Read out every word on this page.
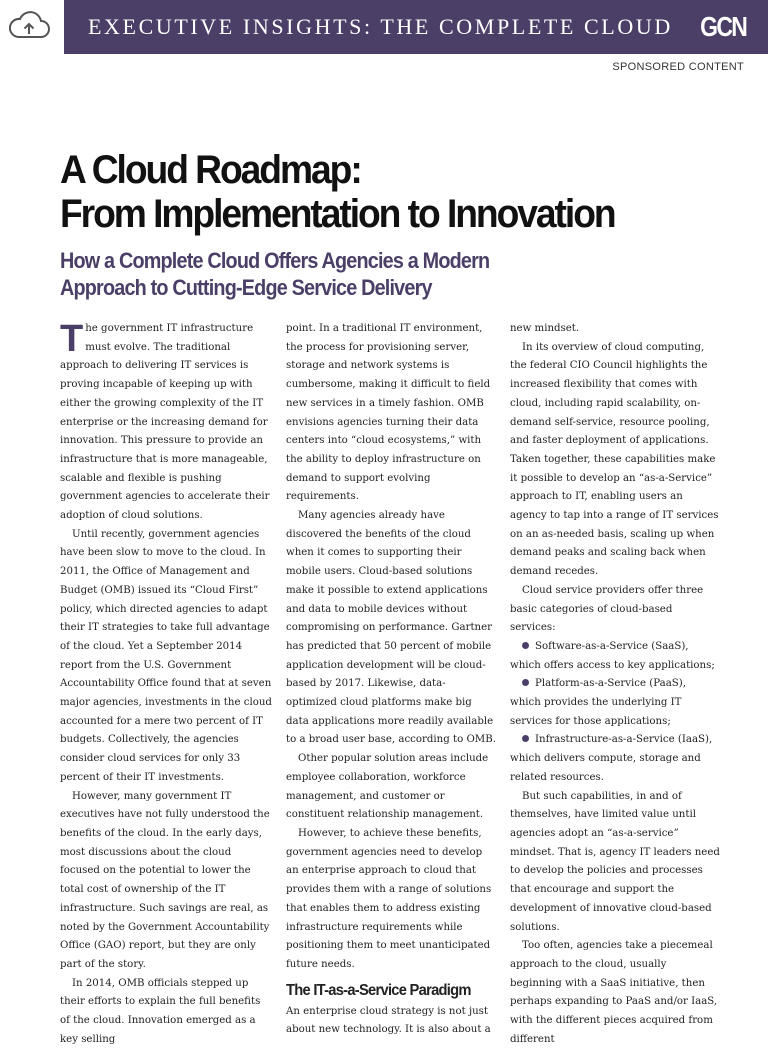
EXECUTIVE INSIGHTS: THE COMPLETE CLOUD GCN
SPONSORED CONTENT
A Cloud Roadmap:
From Implementation to Innovation
How a Complete Cloud Offers Agencies a Modern
Approach to Cutting-Edge Service Delivery

The government IT infrastructure must evolve. The traditional approach to delivering IT services is proving incapable of keeping up with either the growing complexity of the IT enterprise or the increasing demand for innovation. This pressure to provide an infrastructure that is more manageable, scalable and flexible is pushing government agencies to accelerate their adoption of cloud solutions.

Until recently, government agencies have been slow to move to the cloud. In 2011, the Office of Management and Budget (OMB) issued its “Cloud First” policy, which directed agencies to adapt their IT strategies to take full advantage of the cloud. Yet a September 2014 report from the U.S. Government Accountability Office found that at seven major agencies, investments in the cloud accounted for a mere two percent of IT budgets. Collectively, the agencies consider cloud services for only 33 percent of their IT investments.

However, many government IT executives have not fully understood the benefits of the cloud. In the early days, most discussions about the cloud focused on the potential to lower the total cost of ownership of the IT infrastructure. Such savings are real, as noted by the Government Accountability Office (GAO) report, but they are only part of the story.

In 2014, OMB officials stepped up their efforts to explain the full benefits of the cloud. Innovation emerged as a key selling

point. In a traditional IT environment, the process for provisioning server, storage and network systems is cumbersome, making it difficult to field new services in a timely fashion. OMB envisions agencies turning their data centers into “cloud ecosystems,” with the ability to deploy infrastructure on demand to support evolving requirements.

Many agencies already have discovered the benefits of the cloud when it comes to supporting their mobile users. Cloud-based solutions make it possible to extend applications and data to mobile devices without compromising on performance. Gartner has predicted that 50 percent of mobile application development will be cloud-based by 2017. Likewise, data-optimized cloud platforms make big data applications more readily available to a broad user base, according to OMB.

Other popular solution areas include employee collaboration, workforce management, and customer or constituent relationship management.

However, to achieve these benefits, government agencies need to develop an enterprise approach to cloud that provides them with a range of solutions that enables them to address existing infrastructure requirements while positioning them to meet unanticipated future needs.

The IT-as-a-Service Paradigm

An enterprise cloud strategy is not just about new technology. It is also about a

new mindset.

In its overview of cloud computing, the federal CIO Council highlights the increased flexibility that comes with cloud, including rapid scalability, on-demand self-service, resource pooling, and faster deployment of applications. Taken together, these capabilities make it possible to develop an “as-a-Service” approach to IT, enabling users an agency to tap into a range of IT services on an as-needed basis, scaling up when demand peaks and scaling back when demand recedes.

Cloud service providers offer three basic categories of cloud-based services:

Software-as-a-Service (SaaS), which offers access to key applications;

Platform-as-a-Service (PaaS), which provides the underlying IT services for those applications;

Infrastructure-as-a-Service (IaaS), which delivers compute, storage and related resources.

But such capabilities, in and of themselves, have limited value until agencies adopt an “as-a-service” mindset. That is, agency IT leaders need to develop the policies and processes that encourage and support the development of innovative cloud-based solutions.

Too often, agencies take a piecemeal approach to the cloud, usually beginning with a SaaS initiative, then perhaps expanding to PaaS and/or IaaS, with the different pieces acquired from different
